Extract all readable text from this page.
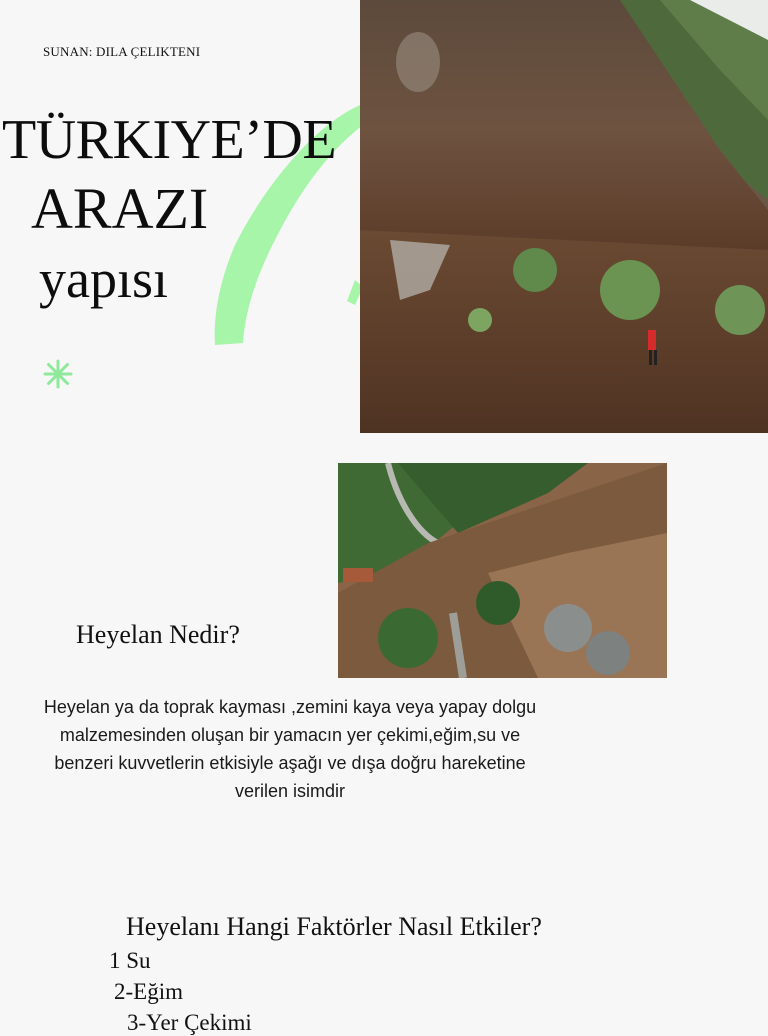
SUNAN: DILA ÇELIKTENI
TÜRKIYE’DE
ARAZI
yapısı
Heyelan Nedir?
Heyelan ya da toprak kayması ,zemini kaya veya yapay dolgu malzemesinden oluşan bir yamacın yer çekimi,eğim,su ve benzeri kuvvetlerin etkisiyle aşağı ve dışa doğru hareketine verilen isimdir
Heyelanı Hangi Faktörler Nasıl Etkiler?
1 Su
2-Eğim
3-Yer Çekimi
